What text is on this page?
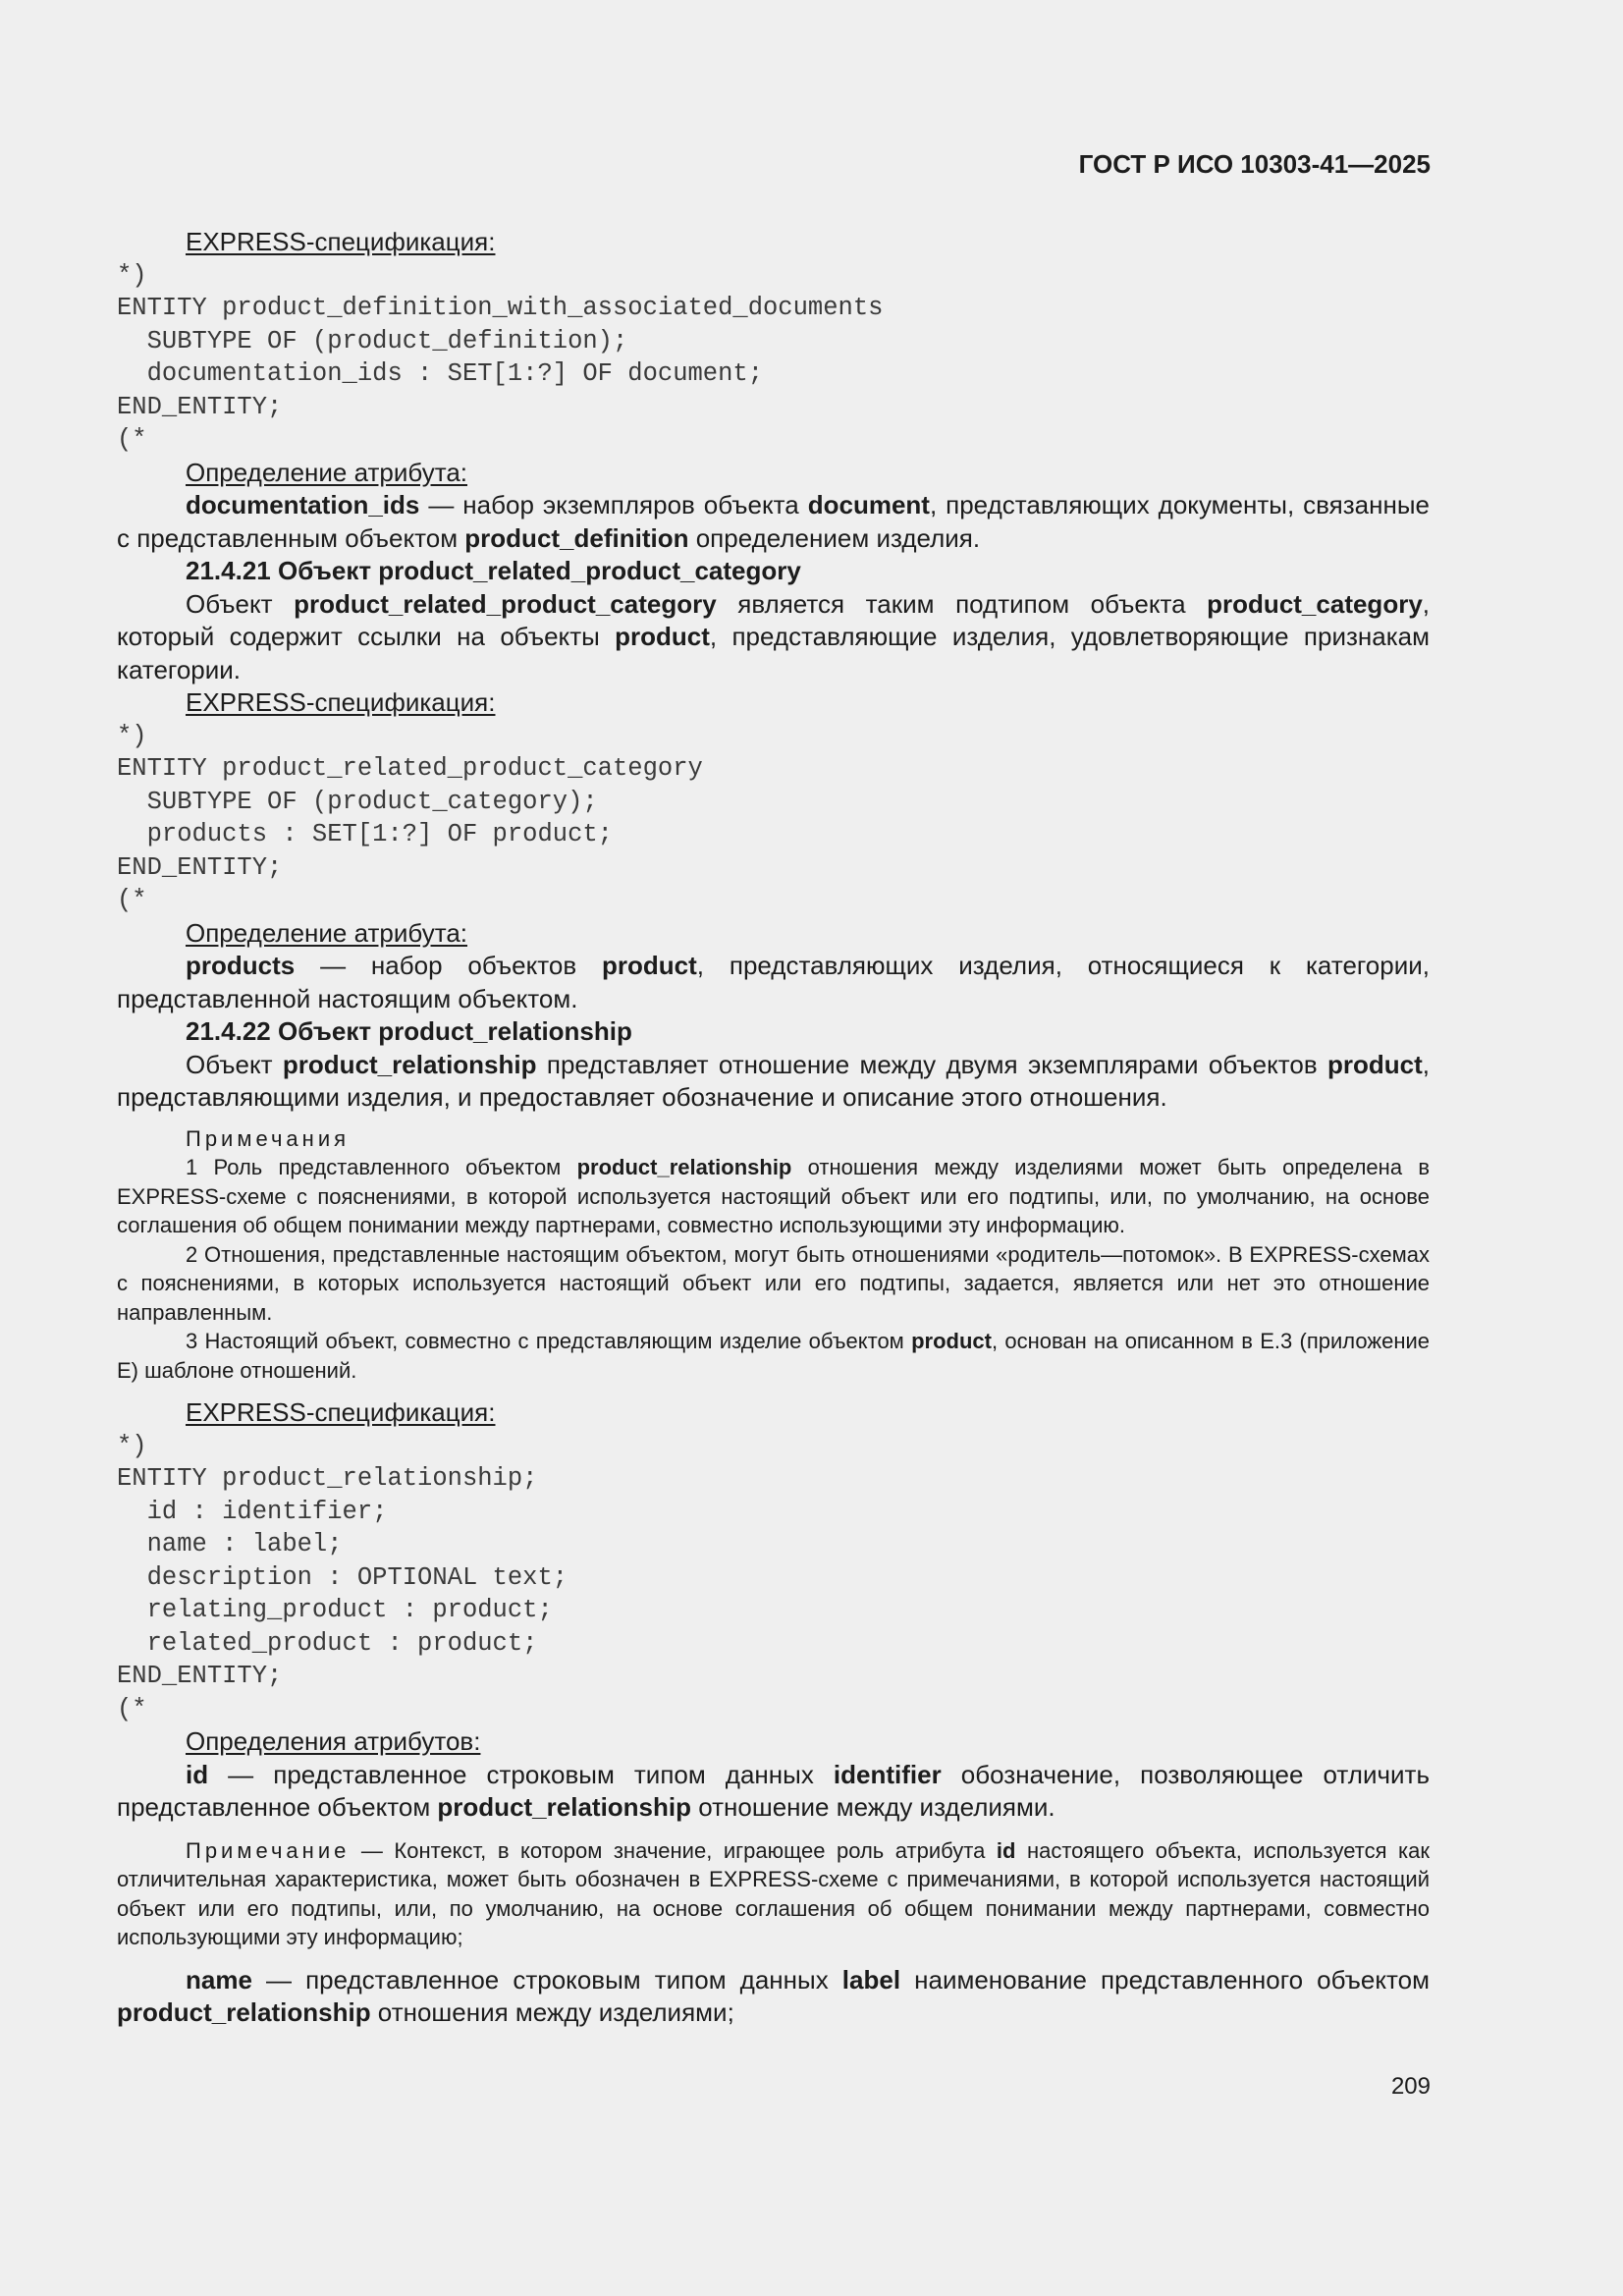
ГОСТ Р ИСО 10303-41—2025

EXPRESS-спецификация:

*)
ENTITY product_definition_with_associated_documents
SUBTYPE OF (product_definition);
documentation_ids : SET[1:?] OF document;
END_ENTITY;
(*

Определение атрибута:

documentation_ids — набор экземпляров объекта document, представляющих документы, связанные с представленным объектом product_definition определением изделия.

21.4.21 Объект product_related_product_category

Объект product_related_product_category является таким подтипом объекта product_category, который содержит ссылки на объекты product, представляющие изделия, удовлетворяющие признакам категории.

EXPRESS-спецификация:

*)
ENTITY product_related_product_category
SUBTYPE OF (product_category);
products : SET[1:?] OF product;
END_ENTITY;
(*

Определение атрибута:

products — набор объектов product, представляющих изделия, относящиеся к категории, представленной настоящим объектом.

21.4.22 Объект product_relationship

Объект product_relationship представляет отношение между двумя экземплярами объектов product, представляющими изделия, и предоставляет обозначение и описание этого отношения.

Примечания

1 Роль представленного объектом product_relationship отношения между изделиями может быть определена в EXPRESS-схеме с пояснениями, в которой используется настоящий объект или его подтипы, или, по умолчанию, на основе соглашения об общем понимании между партнерами, совместно использующими эту информацию.

2 Отношения, представленные настоящим объектом, могут быть отношениями «родитель—потомок». В EXPRESS-схемах с пояснениями, в которых используется настоящий объект или его подтипы, задается, является или нет это отношение направленным.

3 Настоящий объект, совместно с представляющим изделие объектом product, основан на описанном в Е.3 (приложение Е) шаблоне отношений.

EXPRESS-спецификация:

*)
ENTITY product_relationship;
id : identifier;
name : label;
description : OPTIONAL text;
relating_product : product;
related_product : product;
END_ENTITY;
(*

Определения атрибутов:

id — представленное строковым типом данных identifier обозначение, позволяющее отличить представленное объектом product_relationship отношение между изделиями.

Примечание — Контекст, в котором значение, играющее роль атрибута id настоящего объекта, используется как отличительная характеристика, может быть обозначен в EXPRESS-схеме с примечаниями, в которой используется настоящий объект или его подтипы, или, по умолчанию, на основе соглашения об общем понимании между партнерами, совместно использующими эту информацию;

name — представленное строковым типом данных label наименование представленного объектом product_relationship отношения между изделиями;

209
